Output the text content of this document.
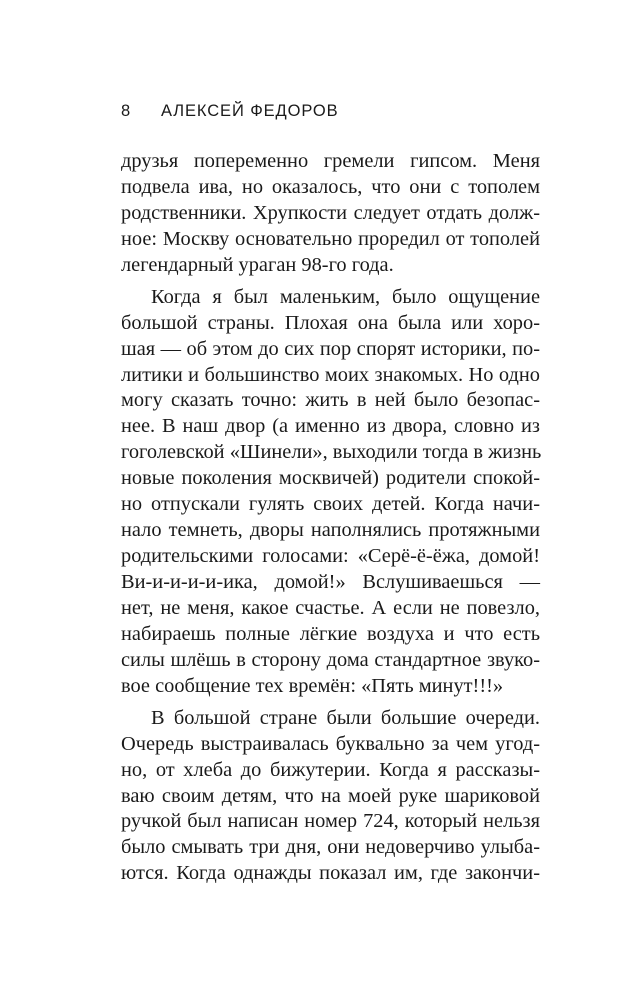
8	АЛЕКСЕЙ ФЕДОРОВ
друзья попеременно гремели гипсом. Меня
подвела ива, но оказалось, что они с тополем
родственники. Хрупкости следует отдать долж-
ное: Москву основательно проредил от тополей
легендарный ураган 98-го года.
Когда я был маленьким, было ощущение
большой страны. Плохая она была или хоро-
шая — об этом до сих пор спорят историки, по-
литики и большинство моих знакомых. Но одно
могу сказать точно: жить в ней было безопас-
нее. В наш двор (а именно из двора, словно из
гоголевской «Шинели», выходили тогда в жизнь
новые поколения москвичей) родители спокой-
но отпускали гулять своих детей. Когда начи-
нало темнеть, дворы наполнялись протяжными
родительскими голосами: «Серё-ё-ёжа, домой!
Ви-и-и-и-и-ика, домой!» Вслушиваешься —
нет, не меня, какое счастье. А если не повезло,
набираешь полные лёгкие воздуха и что есть
силы шлёшь в сторону дома стандартное звуко-
вое сообщение тех времён: «Пять минут!!!»
В большой стране были большие очереди.
Очередь выстраивалась буквально за чем угод-
но, от хлеба до бижутерии. Когда я рассказы-
ваю своим детям, что на моей руке шариковой
ручкой был написан номер 724, который нельзя
было смывать три дня, они недоверчиво улыба-
ются. Когда однажды показал им, где закончи-
